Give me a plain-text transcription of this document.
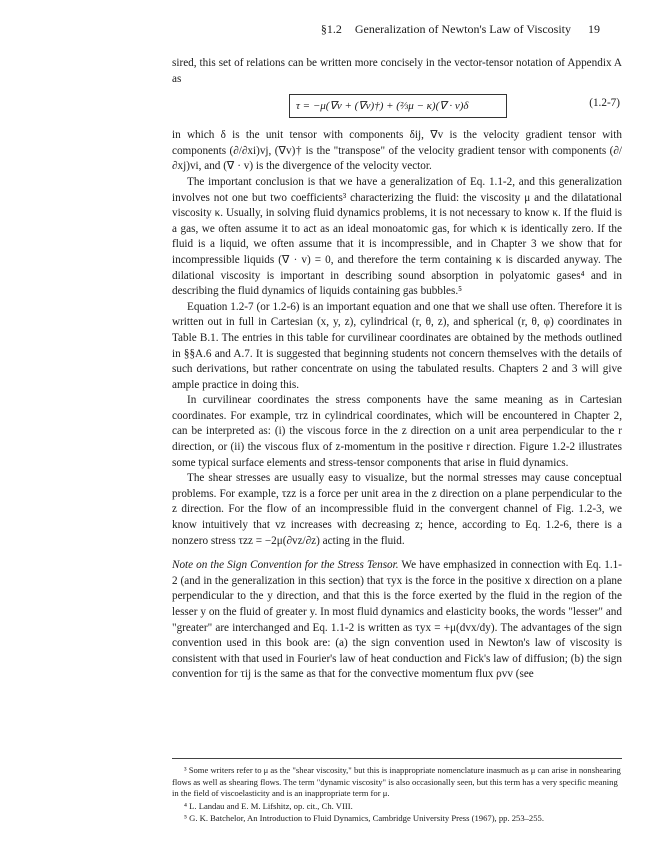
§1.2 Generalization of Newton's Law of Viscosity 19

sired, this set of relations can be written more concisely in the vector-tensor notation of Appendix A as

τ = −μ(∇v + (∇v)†) + (⅔μ − κ)(∇ · v)δ	(1.2-7)

in which δ is the unit tensor with components δij, ∇v is the velocity gradient tensor with components (∂/∂xi)vj, (∇v)† is the "transpose" of the velocity gradient tensor with components (∂/∂xj)vi, and (∇ · v) is the divergence of the velocity vector.

The important conclusion is that we have a generalization of Eq. 1.1-2, and this generalization involves not one but two coefficients³ characterizing the fluid: the viscosity μ and the dilatational viscosity κ. Usually, in solving fluid dynamics problems, it is not necessary to know κ. If the fluid is a gas, we often assume it to act as an ideal monoatomic gas, for which κ is identically zero. If the fluid is a liquid, we often assume that it is incompressible, and in Chapter 3 we show that for incompressible liquids (∇ · v) = 0, and therefore the term containing κ is discarded anyway. The dilational viscosity is important in describing sound absorption in polyatomic gases⁴ and in describing the fluid dynamics of liquids containing gas bubbles.⁵

Equation 1.2-7 (or 1.2-6) is an important equation and one that we shall use often. Therefore it is written out in full in Cartesian (x, y, z), cylindrical (r, θ, z), and spherical (r, θ, φ) coordinates in Table B.1. The entries in this table for curvilinear coordinates are obtained by the methods outlined in §§A.6 and A.7. It is suggested that beginning students not concern themselves with the details of such derivations, but rather concentrate on using the tabulated results. Chapters 2 and 3 will give ample practice in doing this.

In curvilinear coordinates the stress components have the same meaning as in Cartesian coordinates. For example, τrz in cylindrical coordinates, which will be encountered in Chapter 2, can be interpreted as: (i) the viscous force in the z direction on a unit area perpendicular to the r direction, or (ii) the viscous flux of z-momentum in the positive r direction. Figure 1.2-2 illustrates some typical surface elements and stress-tensor components that arise in fluid dynamics.

The shear stresses are usually easy to visualize, but the normal stresses may cause conceptual problems. For example, τzz is a force per unit area in the z direction on a plane perpendicular to the z direction. For the flow of an incompressible fluid in the convergent channel of Fig. 1.2-3, we know intuitively that vz increases with decreasing z; hence, according to Eq. 1.2-6, there is a nonzero stress τzz = −2μ(∂vz/∂z) acting in the fluid.

Note on the Sign Convention for the Stress Tensor. We have emphasized in connection with Eq. 1.1-2 (and in the generalization in this section) that τyx is the force in the positive x direction on a plane perpendicular to the y direction, and that this is the force exerted by the fluid in the region of the lesser y on the fluid of greater y. In most fluid dynamics and elasticity books, the words "lesser" and "greater" are interchanged and Eq. 1.1-2 is written as τyx = +μ(dvx/dy). The advantages of the sign convention used in this book are: (a) the sign convention used in Newton's law of viscosity is consistent with that used in Fourier's law of heat conduction and Fick's law of diffusion; (b) the sign convention for τij is the same as that for the convective momentum flux ρvv (see

³ Some writers refer to μ as the "shear viscosity," but this is inappropriate nomenclature inasmuch as μ can arise in nonshearing flows as well as shearing flows. The term "dynamic viscosity" is also occasionally seen, but this term has a very specific meaning in the field of viscoelasticity and is an inappropriate term for μ.

⁴ L. Landau and E. M. Lifshitz, op. cit., Ch. VIII.

⁵ G. K. Batchelor, An Introduction to Fluid Dynamics, Cambridge University Press (1967), pp. 253–255.
